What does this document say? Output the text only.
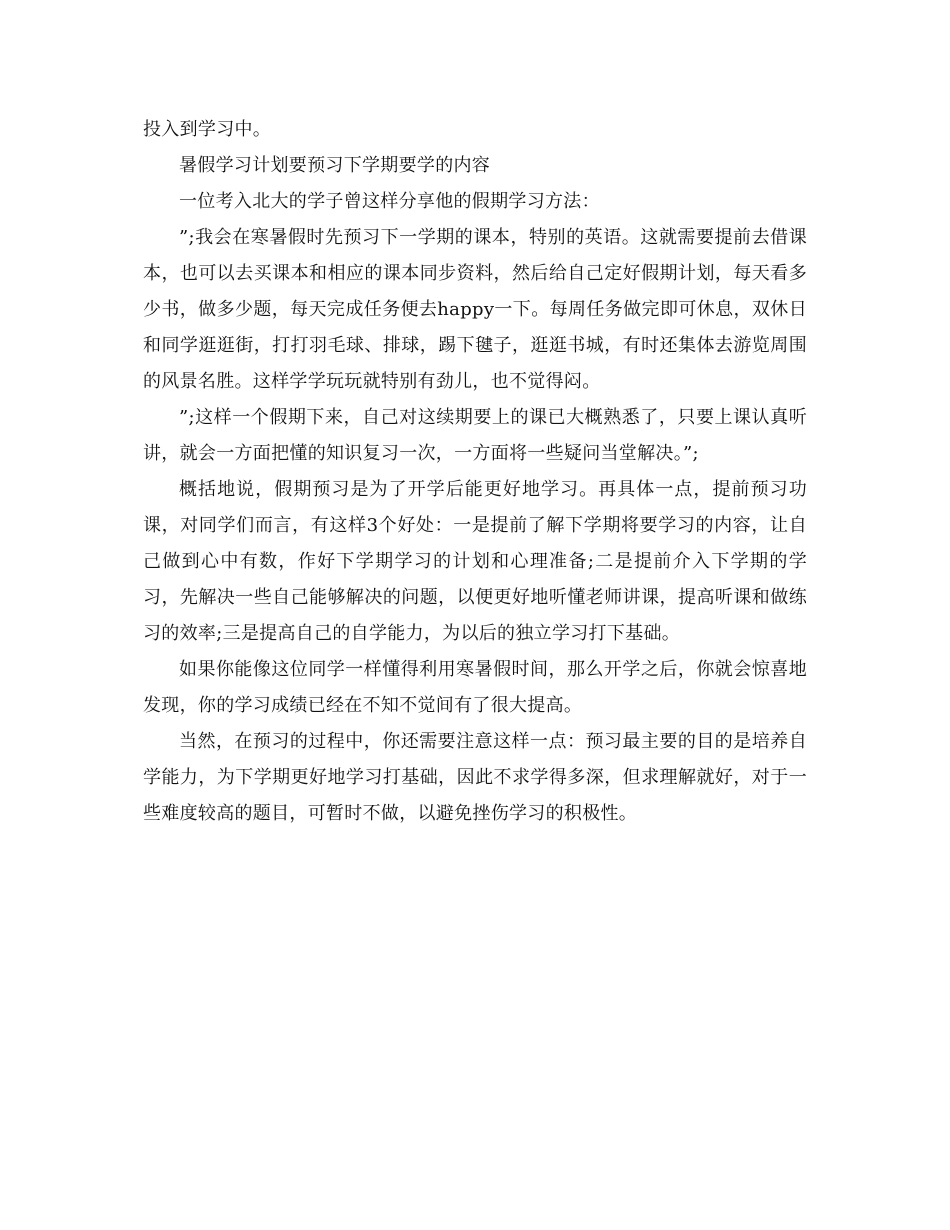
投入到学习中。

暑假学习计划要预习下学期要学的内容

一位考入北大的学子曾这样分享他的假期学习方法：

”;我会在寒暑假时先预习下一学期的课本，特别的英语。这就需要提前去借课本，也可以去买课本和相应的课本同步资料，然后给自己定好假期计划，每天看多少书，做多少题，每天完成任务便去happy一下。每周任务做完即可休息，双休日和同学逛逛街，打打羽毛球、排球，踢下毽子，逛逛书城，有时还集体去游览周围的风景名胜。这样学学玩玩就特别有劲儿，也不觉得闷。

”;这样一个假期下来，自己对这续期要上的课已大概熟悉了，只要上课认真听讲，就会一方面把懂的知识复习一次，一方面将一些疑问当堂解决。”;

概括地说，假期预习是为了开学后能更好地学习。再具体一点，提前预习功课，对同学们而言，有这样3个好处：一是提前了解下学期将要学习的内容，让自己做到心中有数，作好下学期学习的计划和心理准备;二是提前介入下学期的学习，先解决一些自己能够解决的问题，以便更好地听懂老师讲课，提高听课和做练习的效率;三是提高自己的自学能力，为以后的独立学习打下基础。

如果你能像这位同学一样懂得利用寒暑假时间，那么开学之后，你就会惊喜地发现，你的学习成绩已经在不知不觉间有了很大提高。

当然，在预习的过程中，你还需要注意这样一点：预习最主要的目的是培养自学能力，为下学期更好地学习打基础，因此不求学得多深，但求理解就好，对于一些难度较高的题目，可暂时不做，以避免挫伤学习的积极性。
